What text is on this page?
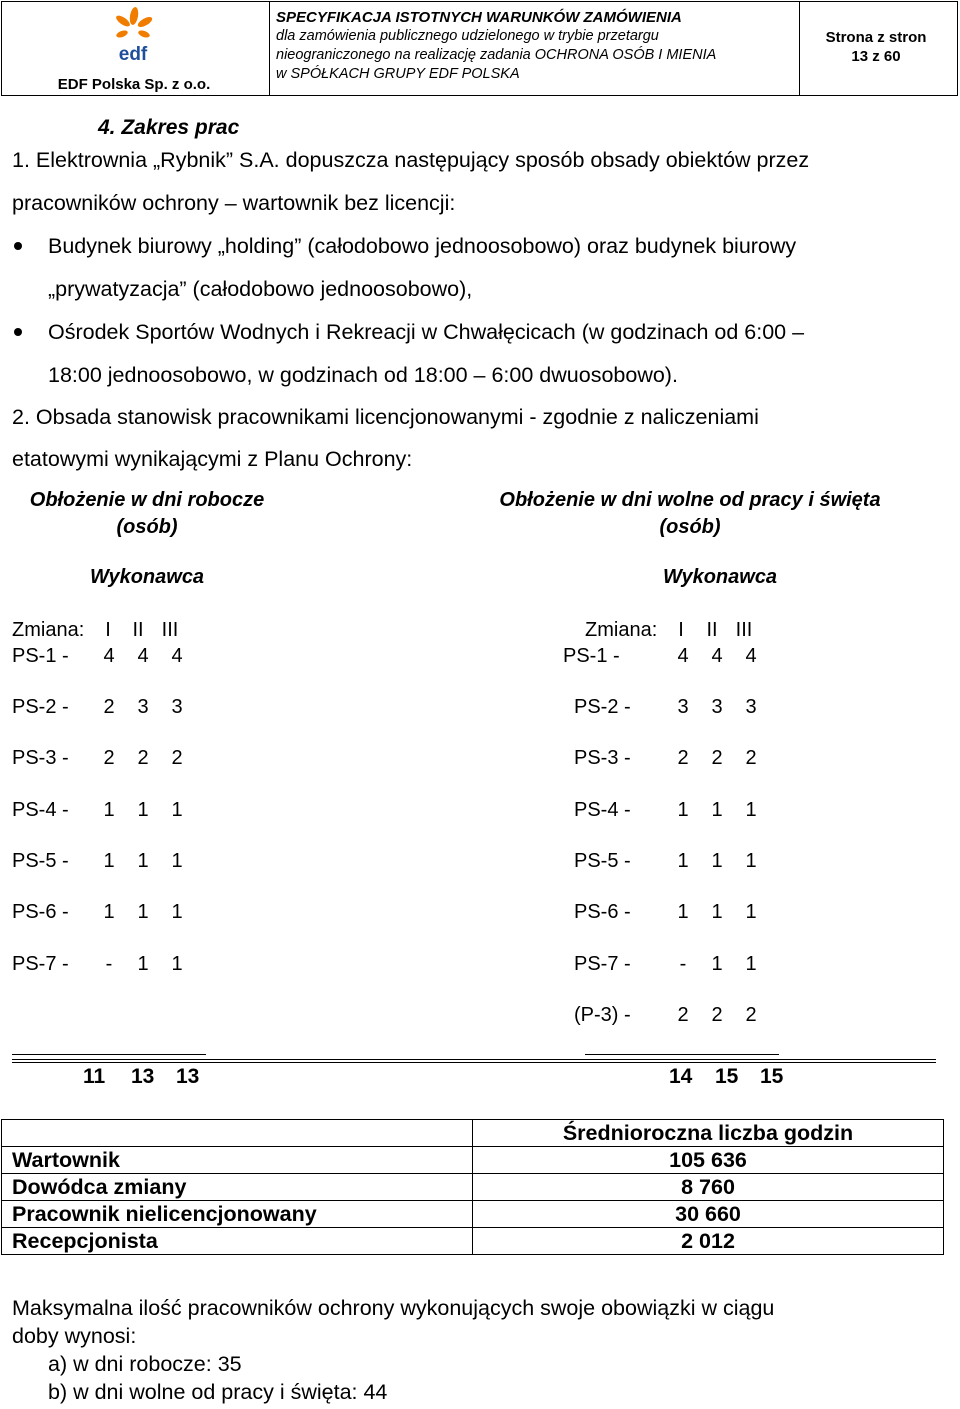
edf
EDF Polska Sp. z o.o.
SPECYFIKACJA ISTOTNYCH WARUNKÓW ZAMÓWIENIA
dla zamówienia publicznego udzielonego w trybie przetargu
nieograniczonego na realizację zadania OCHRONA OSÓB I MIENIA
w SPÓŁKACH GRUPY EDF POLSKA
Strona z stron
13 z 60
4. Zakres prac
1. Elektrownia „Rybnik” S.A. dopuszcza następujący sposób obsady obiektów przez
pracowników ochrony – wartownik bez licencji:
Budynek biurowy „holding” (całodobowo jednoosobowo) oraz budynek biurowy
„prywatyzacja” (całodobowo jednoosobowo),
Ośrodek Sportów Wodnych i Rekreacji w Chwałęcicach (w godzinach od 6:00 –
18:00 jednoosobowo, w godzinach od 18:00 – 6:00 dwuosobowo).
2. Obsada stanowisk pracownikami licencjonowanymi - zgodnie z naliczeniami
etatowymi wynikającymi z Planu Ochrony:
Obłożenie w dni robocze
(osób)
Wykonawca
Zmiana:	I	II III
PS-1 - 4 4 4
PS-2 - 2 3 3
PS-3 - 2 2 2
PS-4 - 1 1 1
PS-5 - 1 1 1
PS-6 - 1 1 1
PS-7 -	-	1 1
11 13 13
Obłożenie w dni wolne od pracy i święta
(osób)
Wykonawca
Zmiana:	I	II III
PS-1 -	4 4 4
PS-2 - 3 3 3
PS-3 - 2 2 2
PS-4 - 1 1 1
PS-5 - 1 1 1
PS-6 - 1 1 1
PS-7 -	-	1 1
(P-3) - 2 2 2
14 15 15
	Średnioroczna liczba godzin
Wartownik	105 636
Dowódca zmiany	8 760
Pracownik nielicencjonowany	30 660
Recepcjonista	2 012
Maksymalna ilość pracowników ochrony wykonujących swoje obowiązki w ciągu
doby wynosi:
a) w dni robocze: 35
b) w dni wolne od pracy i święta: 44
